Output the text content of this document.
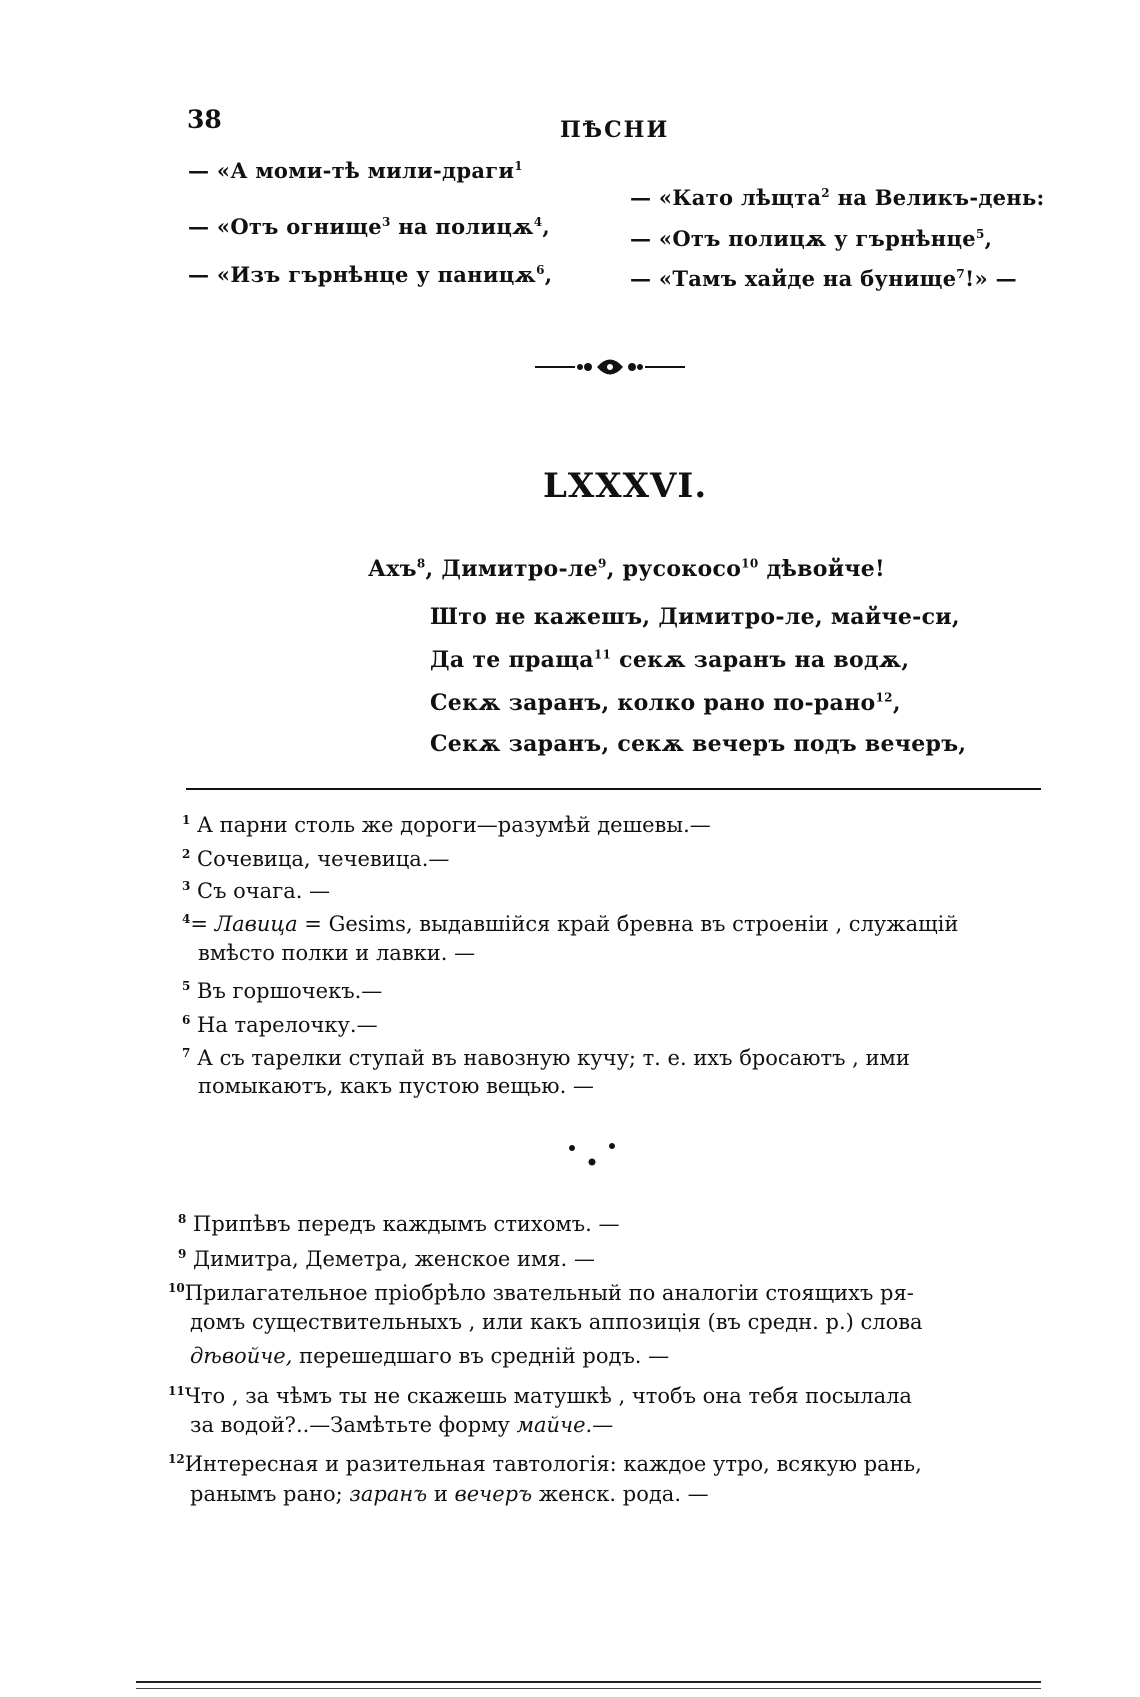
38	ПѢСНИ
— «А моми-тѣ мили-драги$^1$
— «Отъ огнище$^3$ на полицѫ$^4$,
— «Изъ гърнѣнце у паницѫ$^6$,
— «Като лѣщта$^2$ на Великъ-день:
— «Отъ полицѫ у гърнѣнце$^5$,
— «Тамъ хайде на бунище$^7$!» —
LXXXVI.
Ахъ$^8$, Димитро-$ле^9$, русокосо$^{10}$ дѣвойче!
Што не кажешъ, Димитро-ле, майче-си,
Да те праща$^{11}$ секѫ заранъ на водѫ,
Секѫ заранъ, колко рано по-рано$^{12}$,
Секѫ заранъ, секѫ вечеръ подъ вечеръ,
$^1$ А парни столь же дороги—разумѣй дешевы.—
$^2$ Сочевица, чечевица.—
$^3$ Съ очага. —
$^4$= Лавица = Gesims, выдавшійся край бревна въ строеніи , служащій
вмѣсто полки и лавки. —
$^5$ Въ горшочекъ.—
$^6$ На тарелочку.—
$^7$ А съ тарелки ступай въ навозную кучу; т. е. ихъ бросаютъ , ими
помыкаютъ, какъ пустою вещью. —
$^8$ Припѣвъ передъ каждымъ стихомъ. —
$^9$ Димитра, Деметра, женское имя. —
$^{10}$Прилагательное пріобрѣло звательный по аналогіи стоящихъ ря-
домъ существительныхъ , или какъ аппозиція (въ средн. р.) слова
дѣвойче, перешедшаго въ средній родъ. —
$^{11}$Что , за чѣмъ ты не скажешь матушкѣ , чтобъ она тебя посылала
за водой?..—Замѣтьте форму майче.—
$^{12}$Интересная и разительная тавтологія: каждое утро, всякую рань,
ранымъ рано; заранъ и вечеръ женск. рода. —
